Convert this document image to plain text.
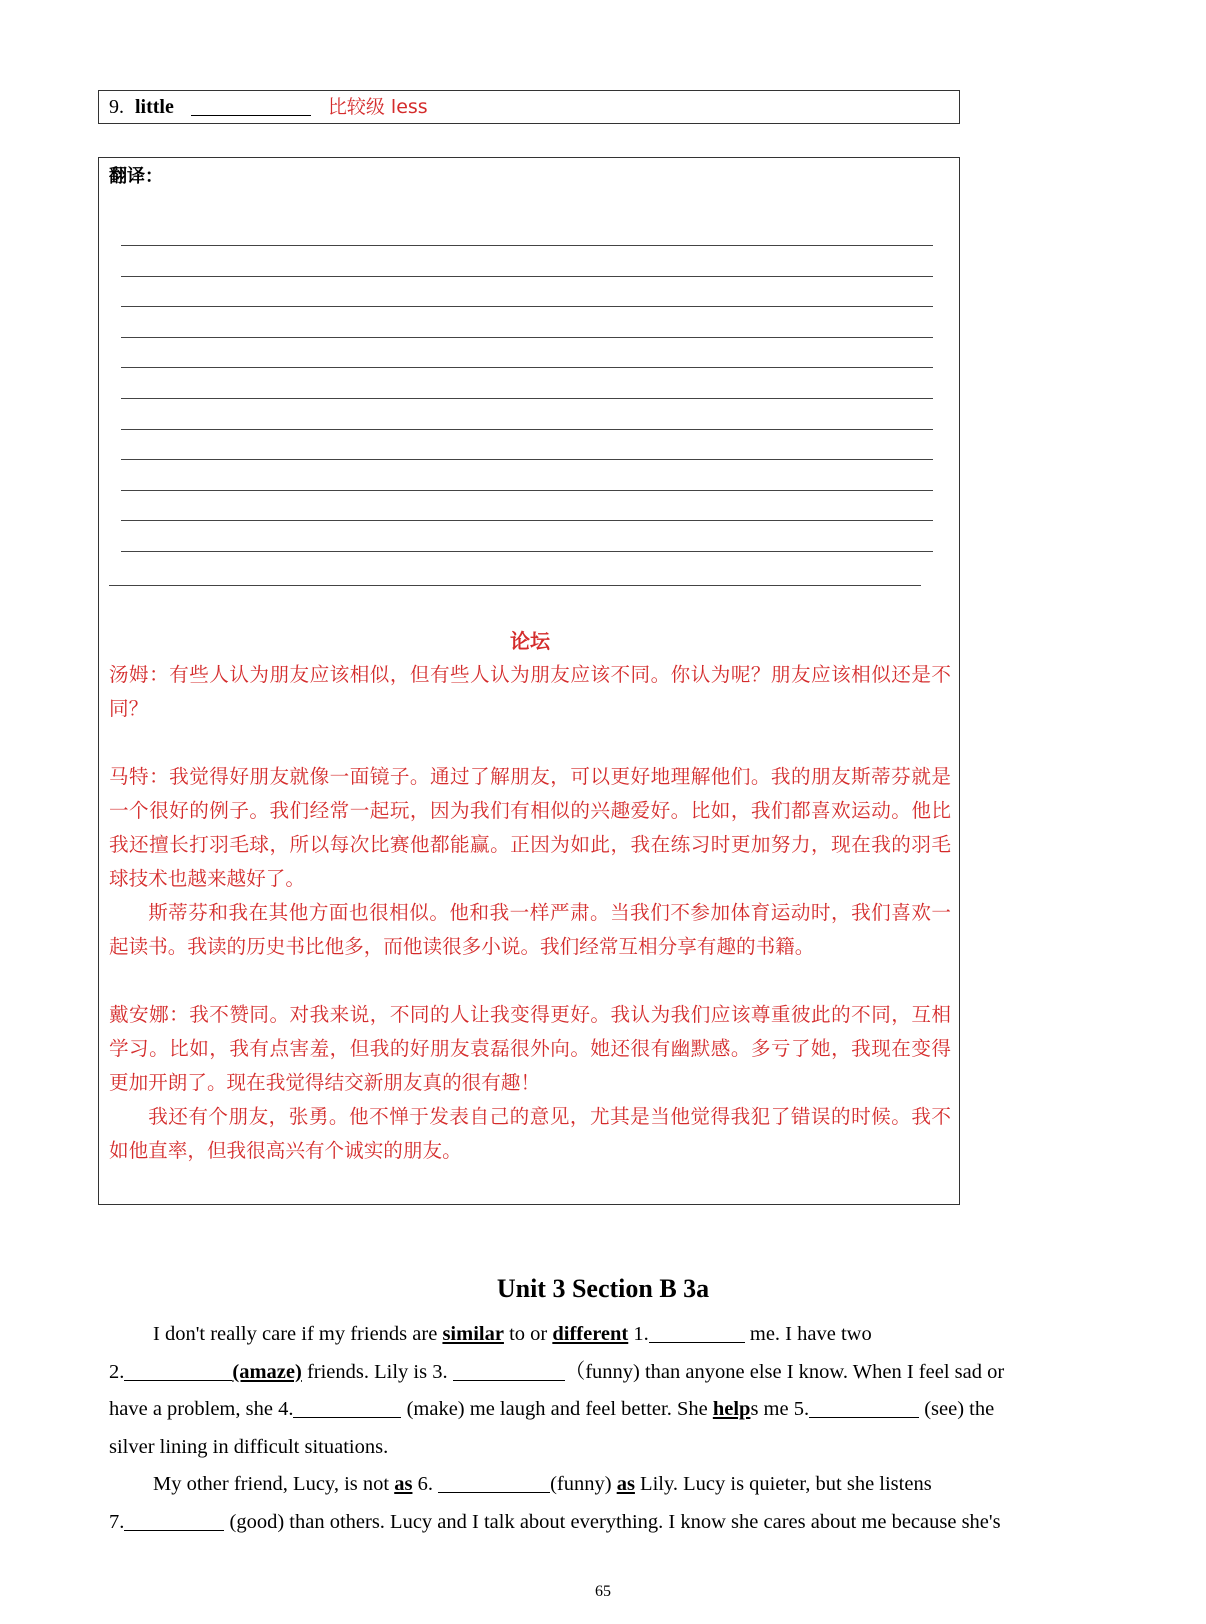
9. little	比较级 less
翻译：
论坛

汤姆：有些人认为朋友应该相似，但有些人认为朋友应该不同。你认为呢？朋友应该相似还是不同？

马特：我觉得好朋友就像一面镜子。通过了解朋友，可以更好地理解他们。我的朋友斯蒂芬就是一个很好的例子。我们经常一起玩，因为我们有相似的兴趣爱好。比如，我们都喜欢运动。他比我还擅长打羽毛球，所以每次比赛他都能赢。正因为如此，我在练习时更加努力，现在我的羽毛球技术也越来越好了。

斯蒂芬和我在其他方面也很相似。他和我一样严肃。当我们不参加体育运动时，我们喜欢一起读书。我读的历史书比他多，而他读很多小说。我们经常互相分享有趣的书籍。

戴安娜：我不赞同。对我来说，不同的人让我变得更好。我认为我们应该尊重彼此的不同，互相学习。比如，我有点害羞，但我的好朋友袁磊很外向。她还很有幽默感。多亏了她，我现在变得更加开朗了。现在我觉得结交新朋友真的很有趣！

我还有个朋友，张勇。他不惮于发表自己的意见，尤其是当他觉得我犯了错误的时候。我不如他直率，但我很高兴有个诚实的朋友。

Unit 3 Section B 3a
I don't really care if my friends are similar to or different 1.	me. I have two
2.	(amaze) friends. Lily is 3.	（funny) than anyone else I know. When I feel sad or
have a problem, she 4.	(make) me laugh and feel better. She helps me 5.	(see) the
silver lining in difficult situations.
My other friend, Lucy, is not as 6.	(funny) as Lily. Lucy is quieter, but she listens
7.	(good) than others. Lucy and I talk about everything. I know she cares about me because she's
65
